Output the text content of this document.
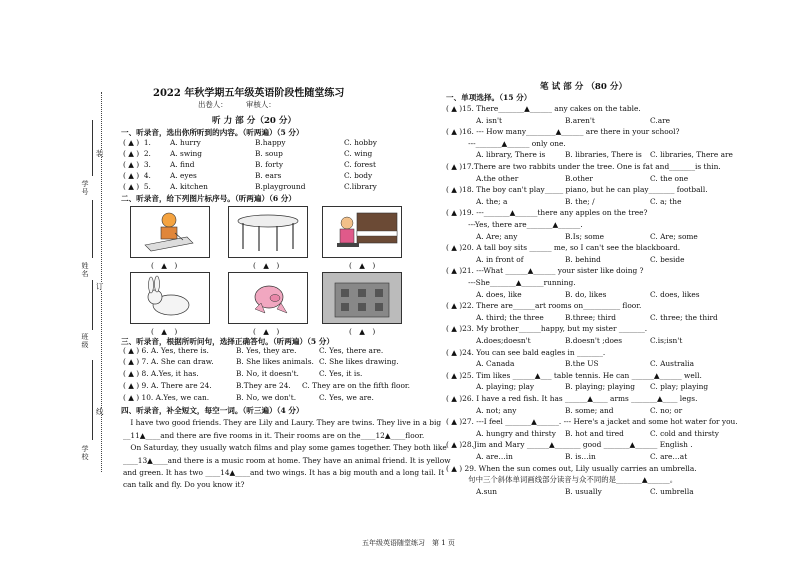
装
订
线
学校
班级
姓名
学号
2022 年秋学期五年级英语阶段性随堂练习
出卷人：　　　审核人：
听 力 部 分（20 分）
一、听录音，选出你所听到的内容。（听两遍）（5 分）
( ▲ ) 1.	A. hurry	B.happy	C. hobby
( ▲ ) 2.	A. swing	B. soup	C. wing
( ▲ ) 3.	A. find	B. forty	C. forest
( ▲ ) 4.	A. eyes	B. ears	C. body
( ▲ ) 5.	A. kitchen	B.playground	C.library
二、听录音，给下列图片标序号。（听两遍）（6 分）
(　▲　)	(　▲　)	(　▲　)
(　▲　)	(　▲　)	(　▲　)
三、听录音，根据所听问句，选择正确答句。（听两遍）（5 分）
( ▲ ) 6. A. Yes, there is.	B. Yes, they are.	C. Yes, there are.
( ▲ ) 7. A. She can draw.	B. She likes animals. C. She likes drawing.
( ▲ ) 8. A.Yes, it has.	B. No, it doesn't.	C. Yes, it is.
( ▲ ) 9. A. There are 24.	B.They are 24. C. They are on the fifth floor.
( ▲ ) 10. A.Yes, we can.	B. No, we don't.	C. Yes, we are.
四、听录音，补全短文，每空一词。（听三遍）（4 分）
　I have two good friends. They are Lily and Laury. They are twins. They live in a big
__11▲____and there are five rooms in it. Their rooms are on the____12▲____floor.
　On Saturday, they usually watch films and play some games together. They both like
____13▲____and there is a music room at home. They have an animal friend. It is yellow
and green. It has two ____14▲____and two wings. It has a big mouth and a long tail. It
can talk and fly. Do you know it?
笔 试 部 分 （80 分）
一、单项选择。（15 分）
( ▲ )15. There_______▲______ any cakes on the table.
A. isn't	B.aren't	C.are
( ▲ )16. --- How many________▲______ are there in your school?
　　　---_______▲______ only one.
A. library, There is	B. libraries, There is C. libraries, There are
( ▲ )17.There are two rabbits under the tree. One is fat and_______is thin.
A.the other	B.other	C. the one
( ▲ )18. The boy can't play_____ piano, but he can play_______ football.
A. the; a	B. the; /	C. a; the
( ▲ )19. ---_______▲______there any apples on the tree?
　　　---Yes, there are_______▲______.
A. Are; any	B.Is; some	C. Are; some
( ▲ )20. A tall boy sits ______ me, so I can't see the blackboard.
A. in front of	B. behind	C. beside
( ▲ )21. ---What ______▲______ your sister like doing ?
　　　---She_______▲______running.
A. does, like	B. do, likes	C. does, likes
( ▲ )22. There are______art rooms on__________ floor.
A. third; the three	B.three; third	C. three; the third
( ▲ )23. My brother______happy, but my sister _______.
A.does;doesn't	B.doesn't ;does	C.is;isn't
( ▲ )24. You can see bald eagles in _______.
A. Canada	B.the US	C. Australia
( ▲ )25. Tim likes ______▲___ table tennis. He can ______▲______ well.
A. playing; play	B. playing; playing C. play; playing
( ▲ )26. I have a red fish. It has ______▲____ arms _______▲____ legs.
A. not; any	B. some; and	C. no; or
( ▲ )27. ---I feel _______▲______. --- Here's a jacket and some hot water for you.
A. hungry and thirsty B. hot and tired	C. cold and thirsty
( ▲ )28.Jim and Mary ______▲_______ good _______▲______ English .
A. are…in	B. is…in	C. are…at
( ▲ ) 29. When the sun comes out, Lily usually carries an umbrella.
　　　句中三个斜体单词画线部分读音与众不同的是_______▲______。
A.sun	B. usually	C. umbrella
五年级英语随堂练习　第 1 页
